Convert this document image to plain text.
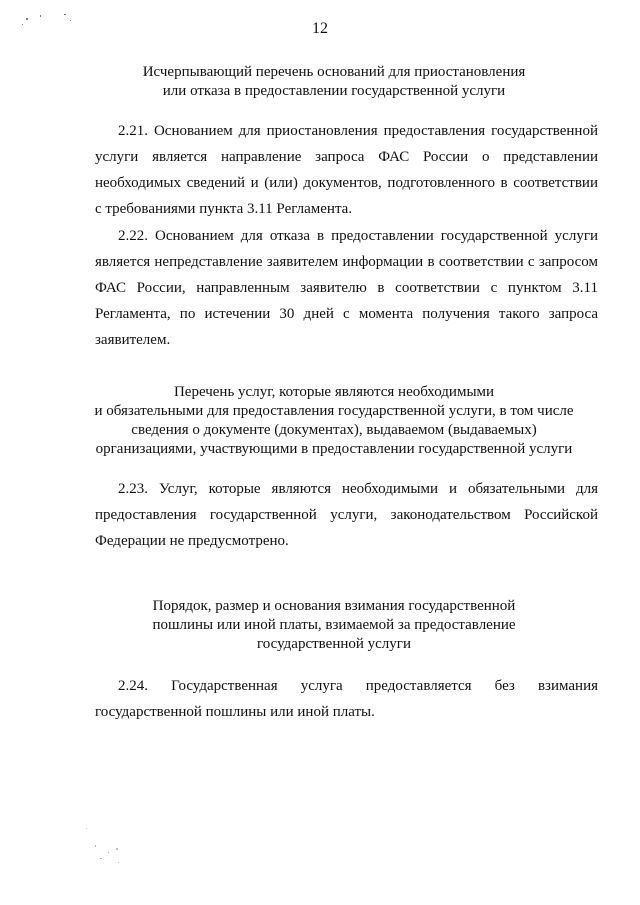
12
Исчерпывающий перечень оснований для приостановления
или отказа в предоставлении государственной услуги

2.21. Основанием для приостановления предоставления государственной
услуги является направление запроса ФАС России о представлении
необходимых сведений и (или) документов, подготовленного в соответствии
с требованиями пункта 3.11 Регламента.

2.22. Основанием для отказа в предоставлении государственной услуги
является непредставление заявителем информации в соответствии с запросом
ФАС России, направленным заявителю в соответствии с пунктом 3.11
Регламента, по истечении 30 дней с момента получения такого запроса
заявителем.

Перечень услуг, которые являются необходимыми
и обязательными для предоставления государственной услуги, в том числе
сведения о документе (документах), выдаваемом (выдаваемых)
организациями, участвующими в предоставлении государственной услуги

2.23. Услуг, которые являются необходимыми и обязательными для
предоставления государственной услуги, законодательством Российской
Федерации не предусмотрено.

Порядок, размер и основания взимания государственной
пошлины или иной платы, взимаемой за предоставление
государственной услуги

2.24. Государственная услуга предоставляется без взимания
государственной пошлины или иной платы.
